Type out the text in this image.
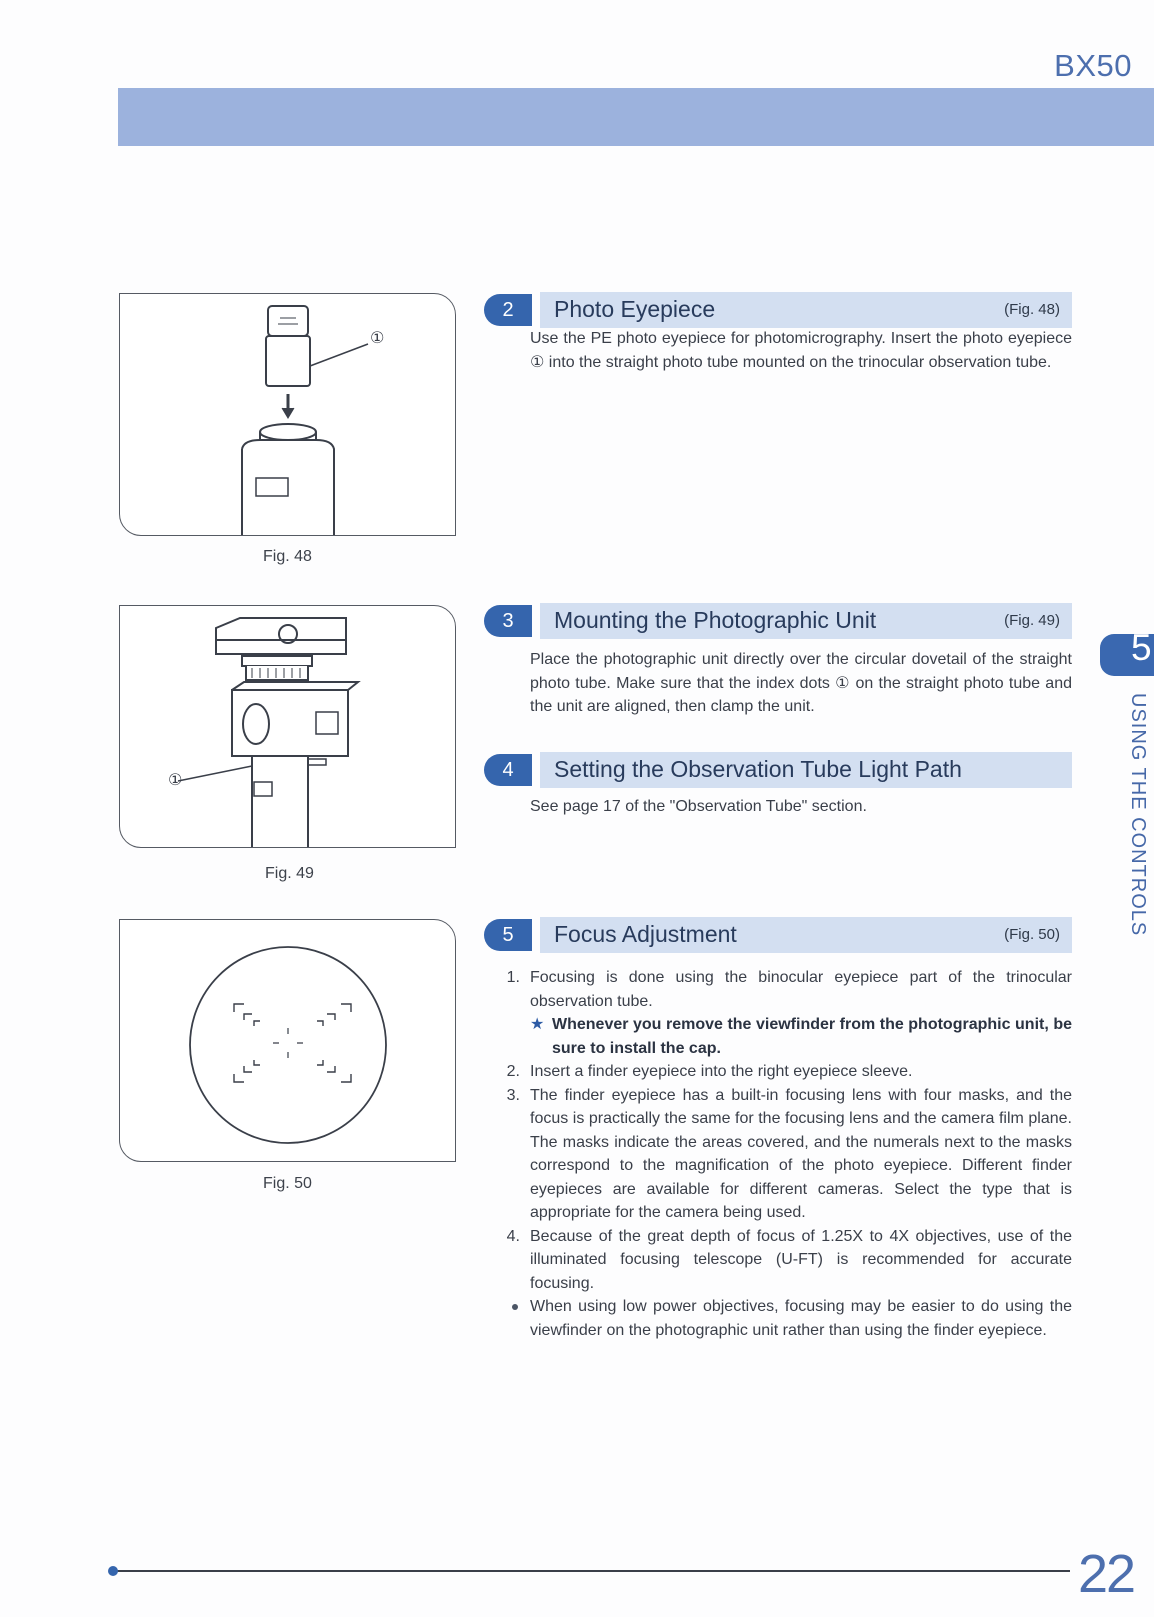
BX50
①
Fig. 48
①
Fig. 49
Fig. 50
2	Photo Eyepiece	(Fig. 48)

Use the PE photo eyepiece for photomicrography. Insert the photo eyepiece ① into the straight photo tube mounted on the trinocular observation tube.

3	Mounting the Photographic Unit	(Fig. 49)

Place the photographic unit directly over the circular dovetail of the straight photo tube. Make sure that the index dots ① on the straight photo tube and the unit are aligned, then clamp the unit.

4	Setting the Observation Tube Light Path

See page 17 of the "Observation Tube" section.

5	Focus Adjustment	(Fig. 50)
1. Focusing is done using the binocular eyepiece part of the trinocular observation tube.
★ Whenever you remove the viewfinder from the photographic unit, be sure to install the cap.
2. Insert a finder eyepiece into the right eyepiece sleeve.
3. The finder eyepiece has a built-in focusing lens with four masks, and the focus is practically the same for the focusing lens and the camera film plane. The masks indicate the areas covered, and the numerals next to the masks correspond to the magnification of the photo eyepiece. Different finder eyepieces are available for different cameras. Select the type that is appropriate for the camera being used.
4. Because of the great depth of focus of 1.25X to 4X objectives, use of the illuminated focusing telescope (U-FT) is recommended for accurate focusing.
When using low power objectives, focusing may be easier to do using the viewfinder on the photographic unit rather than using the finder eyepiece.
5
USING THE CONTROLS
22
